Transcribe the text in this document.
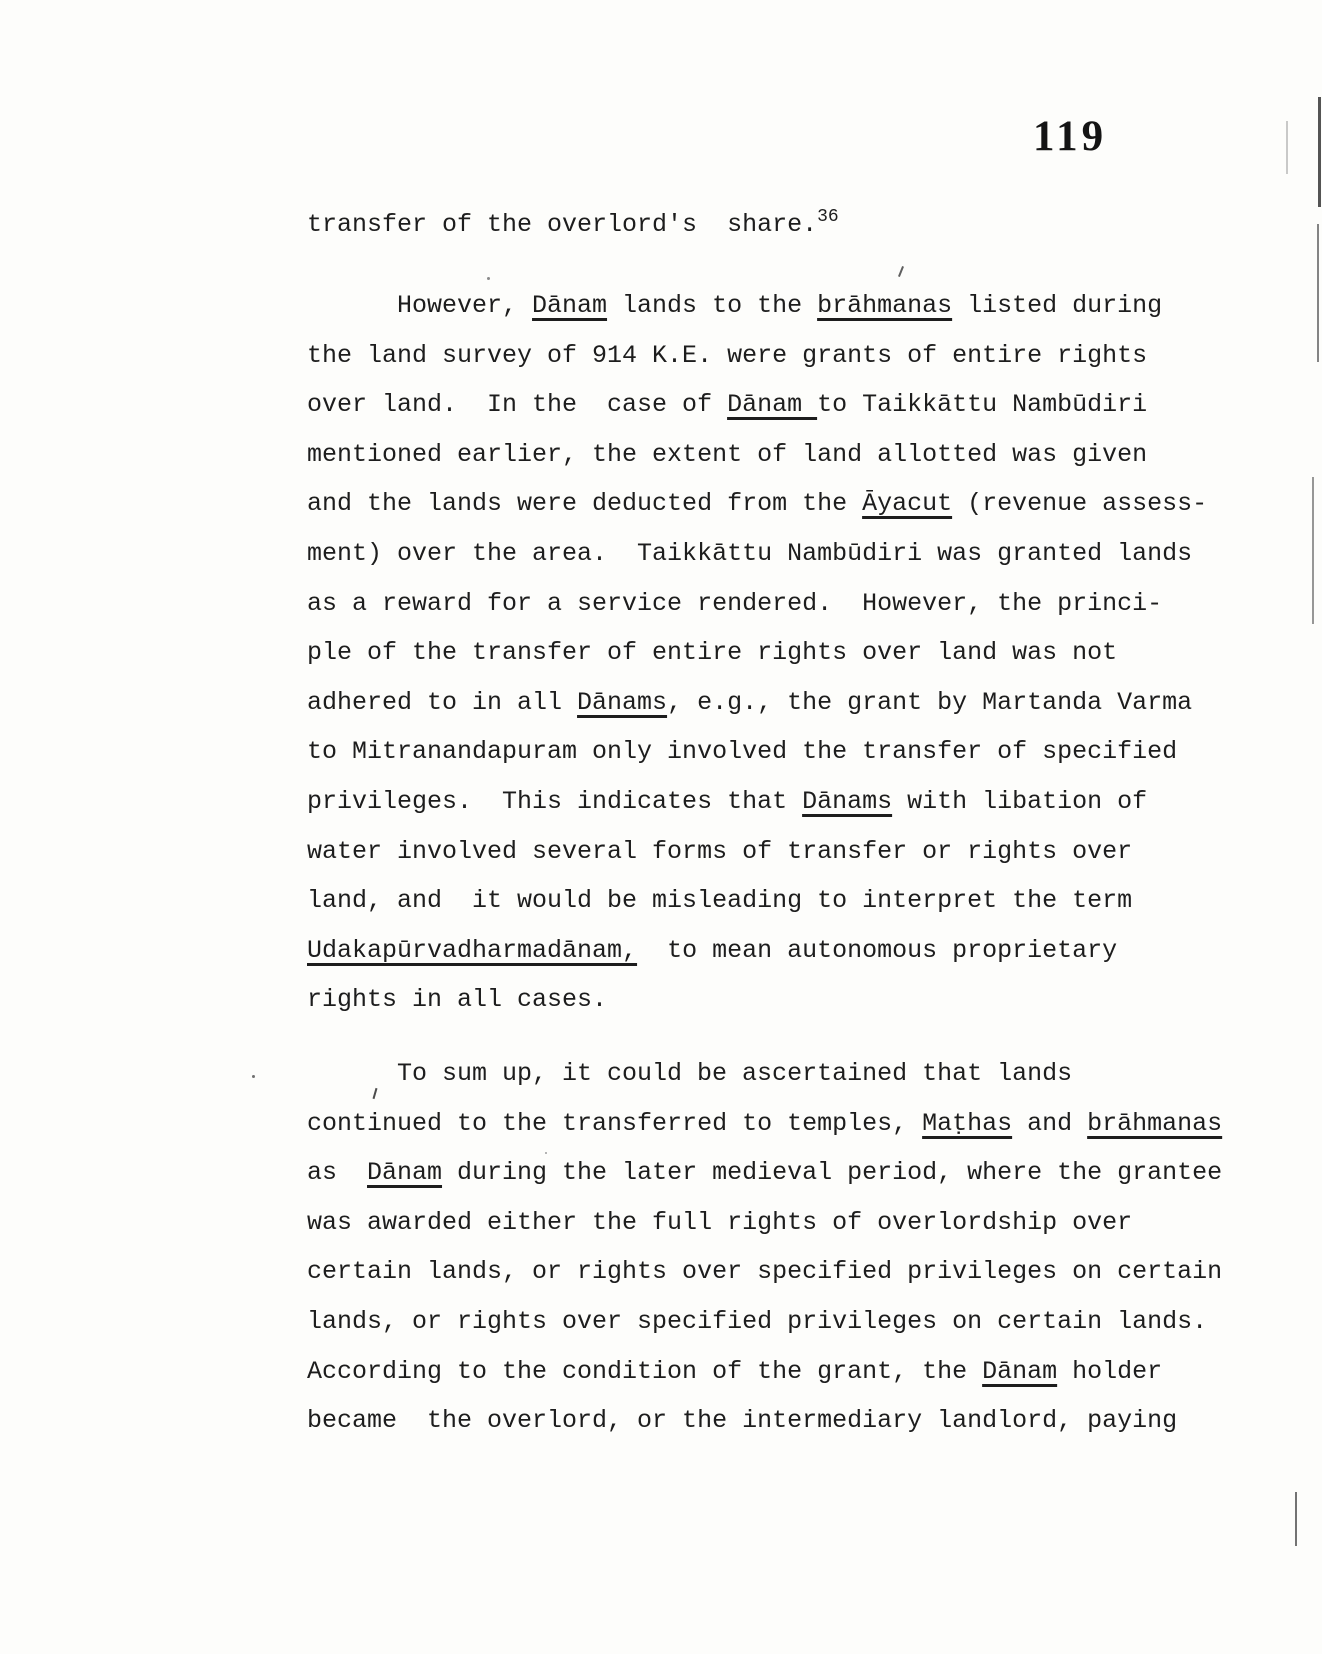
119
transfer of the overlord's  share.$^{36}$
However, Dānam lands to the brāhmanas listed during
the land survey of 914 K.E. were grants of entire rights
over land.  In the  case of Dānam to Taikkāttu Nambūdiri
mentioned earlier, the extent of land allotted was given
and the lands were deducted from the Āyacut (revenue assess-
ment) over the area.  Taikkāttu Nambūdiri was granted lands
as a reward for a service rendered.  However, the princi-
ple of the transfer of entire rights over land was not
adhered to in all Dānams, e.g., the grant by Martanda Varma
to Mitranandapuram only involved the transfer of specified
privileges.  This indicates that Dānams with libation of
water involved several forms of transfer or rights over
land, and  it would be misleading to interpret the term
Udakapūrvadharmadānam,  to mean autonomous proprietary
rights in all cases.
To sum up, it could be ascertained that lands
continued to the transferred to temples, Maṭhas and brāhmanas
as  Dānam during the later medieval period, where the grantee
was awarded either the full rights of overlordship over
certain lands, or rights over specified privileges on certain
lands, or rights over specified privileges on certain lands.
According to the condition of the grant, the Dānam holder
became  the overlord, or the intermediary landlord, paying
